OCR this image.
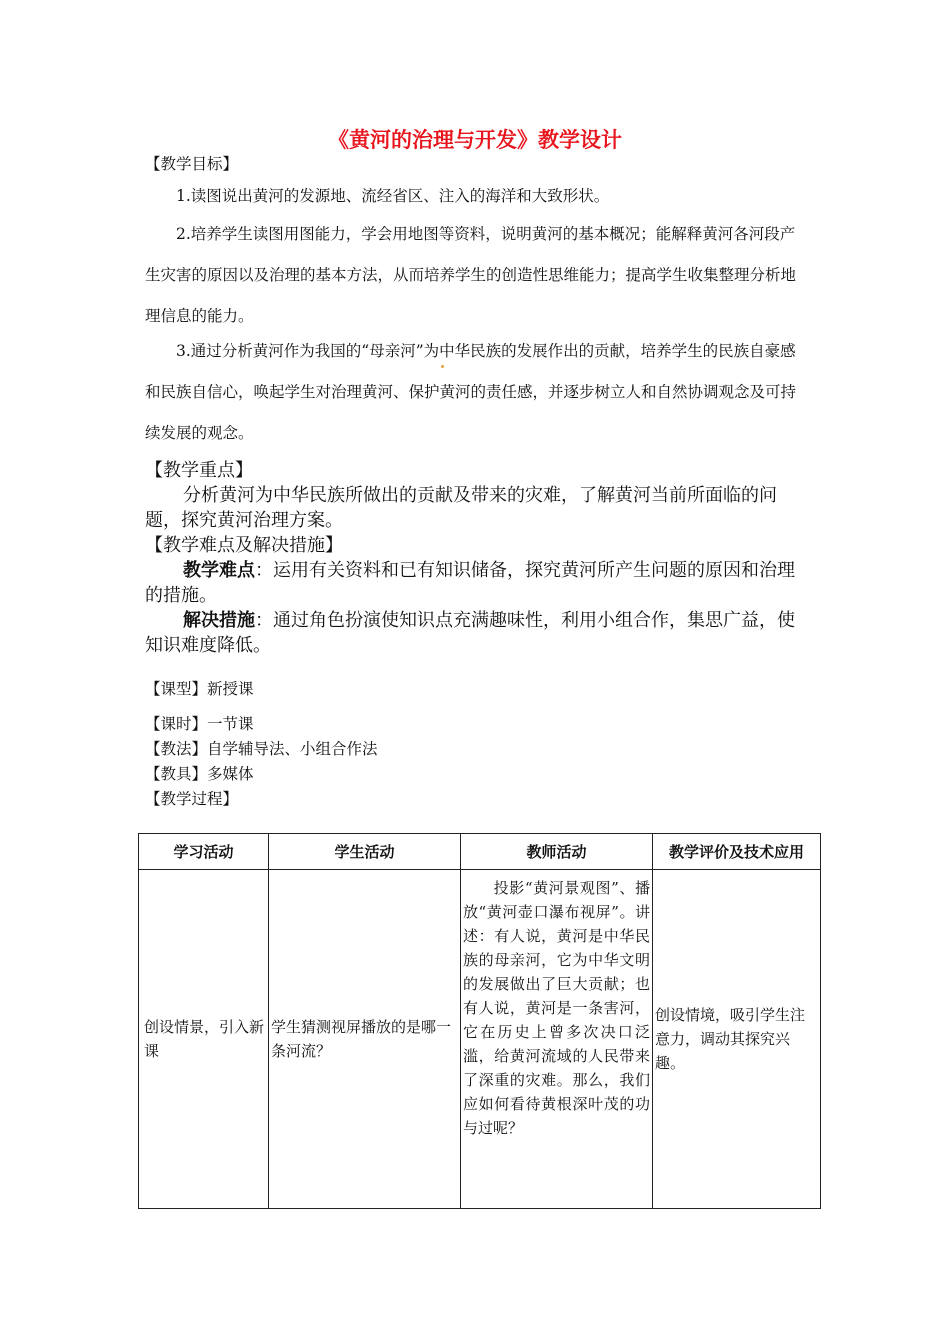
《黄河的治理与开发》教学设计
【教学目标】
1.读图说出黄河的发源地、流经省区、注入的海洋和大致形状。
2.培养学生读图用图能力，学会用地图等资料，说明黄河的基本概况；能解释黄河各河段产生灾害的原因以及治理的基本方法，从而培养学生的创造性思维能力；提高学生收集整理分析地理信息的能力。
3.通过分析黄河作为我国的“母亲河”为中华民族的发展作出的贡献，培养学生的民族自豪感和民族自信心，唤起学生对治理黄河、保护黄河的责任感，并逐步树立人和自然协调观念及可持续发展的观念。
【教学重点】
分析黄河为中华民族所做出的贡献及带来的灾难，了解黄河当前所面临的问题，探究黄河治理方案。
【教学难点及解决措施】
教学难点：运用有关资料和已有知识储备，探究黄河所产生问题的原因和治理的措施。
解决措施：通过角色扮演使知识点充满趣味性，利用小组合作，集思广益，使知识难度降低。
【课型】新授课
【课时】一节课
【教法】自学辅导法、小组合作法
【教具】多媒体
【教学过程】
学习活动	学生活动	教师活动	教学评价及技术应用
创设情景，引入新课	学生猜测视屏播放的是哪一条河流？	投影“黄河景观图”、播放“黄河壶口瀑布视屏”。讲述：有人说，黄河是中华民族的母亲河，它为中华文明的发展做出了巨大贡献；也有人说，黄河是一条害河，它在历史上曾多次决口泛滥，给黄河流域的人民带来了深重的灾难。那么，我们应如何看待黄根深叶茂的功与过呢？	创设情境，吸引学生注意力，调动其探究兴趣。
